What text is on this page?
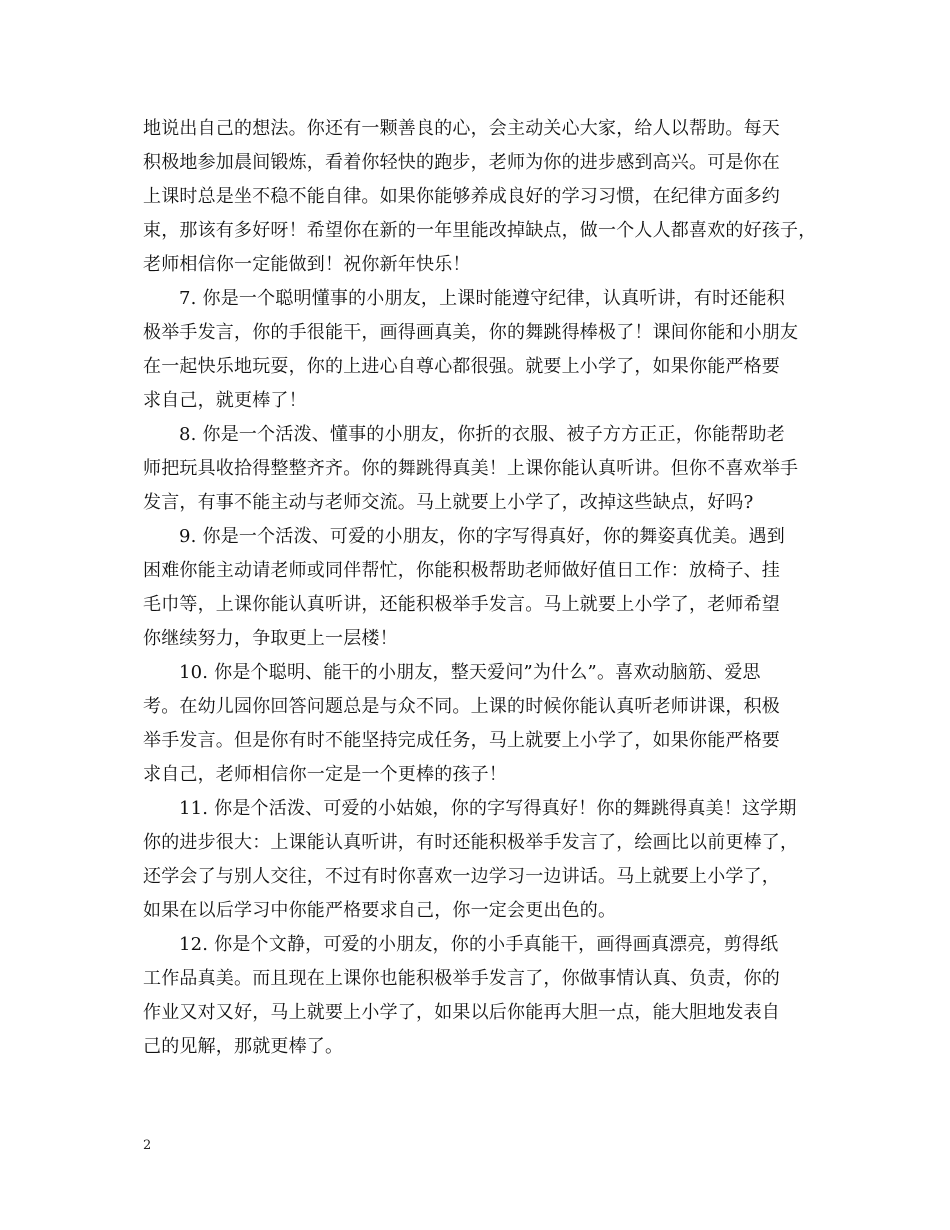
地说出自己的想法。你还有一颗善良的心，会主动关心大家，给人以帮助。每天
积极地参加晨间锻炼，看着你轻快的跑步，老师为你的进步感到高兴。可是你在
上课时总是坐不稳不能自律。如果你能够养成良好的学习习惯，在纪律方面多约
束，那该有多好呀！希望你在新的一年里能改掉缺点，做一个人人都喜欢的好孩子，
老师相信你一定能做到！祝你新年快乐！
7. 你是一个聪明懂事的小朋友，上课时能遵守纪律，认真听讲，有时还能积
极举手发言，你的手很能干，画得画真美，你的舞跳得棒极了！课间你能和小朋友
在一起快乐地玩耍，你的上进心自尊心都很强。就要上小学了，如果你能严格要
求自己，就更棒了！
8. 你是一个活泼、懂事的小朋友，你折的衣服、被子方方正正，你能帮助老
师把玩具收拾得整整齐齐。你的舞跳得真美！上课你能认真听讲。但你不喜欢举手
发言，有事不能主动与老师交流。马上就要上小学了，改掉这些缺点，好吗?
9. 你是一个活泼、可爱的小朋友，你的字写得真好，你的舞姿真优美。遇到
困难你能主动请老师或同伴帮忙，你能积极帮助老师做好值日工作：放椅子、挂
毛巾等，上课你能认真听讲，还能积极举手发言。马上就要上小学了，老师希望
你继续努力，争取更上一层楼！
10. 你是个聪明、能干的小朋友，整天爱问”为什么”。喜欢动脑筋、爱思
考。在幼儿园你回答问题总是与众不同。上课的时候你能认真听老师讲课，积极
举手发言。但是你有时不能坚持完成任务，马上就要上小学了，如果你能严格要
求自己，老师相信你一定是一个更棒的孩子！
11. 你是个活泼、可爱的小姑娘，你的字写得真好！你的舞跳得真美！这学期
你的进步很大：上课能认真听讲，有时还能积极举手发言了，绘画比以前更棒了，
还学会了与别人交往，不过有时你喜欢一边学习一边讲话。马上就要上小学了，
如果在以后学习中你能严格要求自己，你一定会更出色的。
12. 你是个文静，可爱的小朋友，你的小手真能干，画得画真漂亮，剪得纸
工作品真美。而且现在上课你也能积极举手发言了，你做事情认真、负责，你的
作业又对又好，马上就要上小学了，如果以后你能再大胆一点，能大胆地发表自
己的见解，那就更棒了。
2
